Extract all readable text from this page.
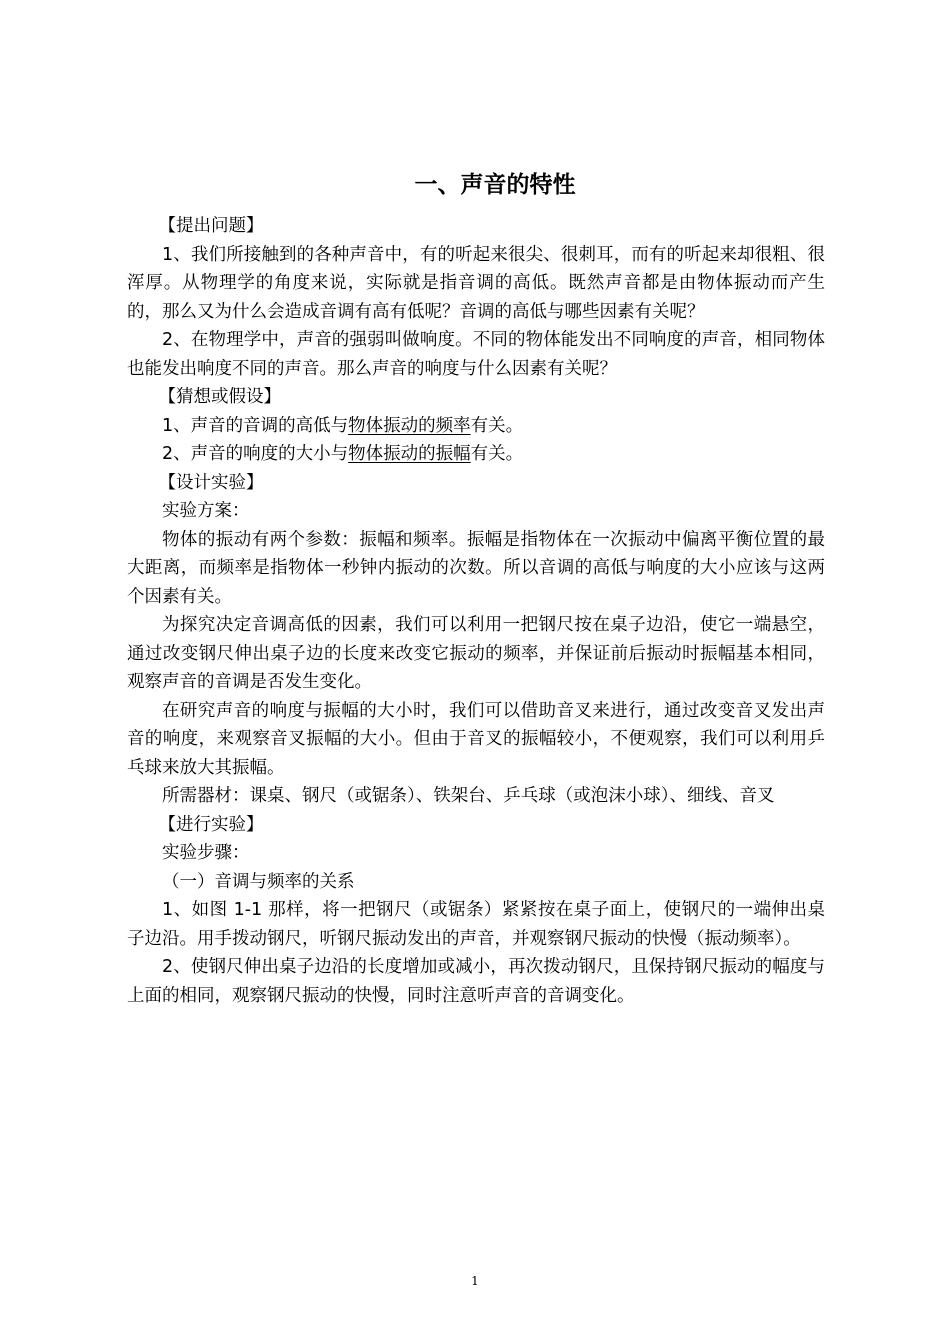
一、声音的特性

【提出问题】

1、我们所接触到的各种声音中，有的听起来很尖、很刺耳，而有的听起来却很粗、很浑厚。从物理学的角度来说，实际就是指音调的高低。既然声音都是由物体振动而产生的，那么又为什么会造成音调有高有低呢？音调的高低与哪些因素有关呢？

2、在物理学中，声音的强弱叫做响度。不同的物体能发出不同响度的声音，相同物体也能发出响度不同的声音。那么声音的响度与什么因素有关呢？

【猜想或假设】

1、声音的音调的高低与物体振动的频率有关。

2、声音的响度的大小与物体振动的振幅有关。

【设计实验】

实验方案：

物体的振动有两个参数：振幅和频率。振幅是指物体在一次振动中偏离平衡位置的最大距离，而频率是指物体一秒钟内振动的次数。所以音调的高低与响度的大小应该与这两个因素有关。

为探究决定音调高低的因素，我们可以利用一把钢尺按在桌子边沿，使它一端悬空，通过改变钢尺伸出桌子边的长度来改变它振动的频率，并保证前后振动时振幅基本相同，观察声音的音调是否发生变化。

在研究声音的响度与振幅的大小时，我们可以借助音叉来进行，通过改变音叉发出声音的响度，来观察音叉振幅的大小。但由于音叉的振幅较小，不便观察，我们可以利用乒乓球来放大其振幅。

所需器材：课桌、钢尺（或锯条）、铁架台、乒乓球（或泡沫小球）、细线、音叉

【进行实验】

实验步骤：

（一）音调与频率的关系

1、如图 1-1 那样，将一把钢尺（或锯条）紧紧按在桌子面上，使钢尺的一端伸出桌子边沿。用手拨动钢尺，听钢尺振动发出的声音，并观察钢尺振动的快慢（振动频率）。

2、使钢尺伸出桌子边沿的长度增加或减小，再次拨动钢尺，且保持钢尺振动的幅度与上面的相同，观察钢尺振动的快慢，同时注意听声音的音调变化。

1
